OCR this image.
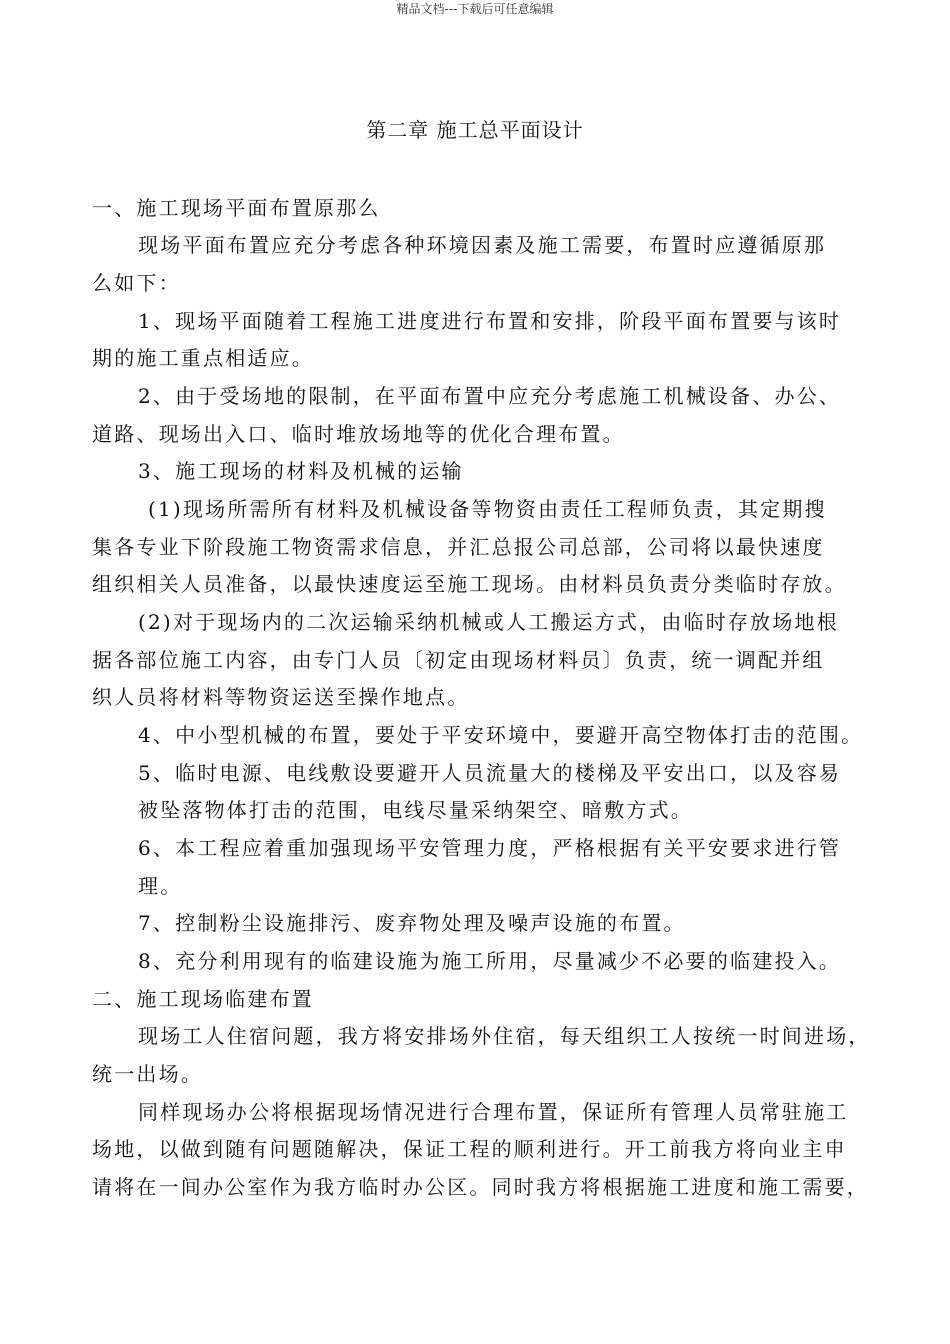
精品文档---下载后可任意编辑
第二章 施工总平面设计
一、施工现场平面布置原那么
现场平面布置应充分考虑各种环境因素及施工需要，布置时应遵循原那
么如下：
1、现场平面随着工程施工进度进行布置和安排，阶段平面布置要与该时
期的施工重点相适应。
2、由于受场地的限制，在平面布置中应充分考虑施工机械设备、办公、
道路、现场出入口、临时堆放场地等的优化合理布置。
3、施工现场的材料及机械的运输
(1)现场所需所有材料及机械设备等物资由责任工程师负责，其定期搜
集各专业下阶段施工物资需求信息，并汇总报公司总部，公司将以最快速度
组织相关人员准备，以最快速度运至施工现场。由材料员负责分类临时存放。
(2)对于现场内的二次运输采纳机械或人工搬运方式，由临时存放场地根
据各部位施工内容，由专门人员〔初定由现场材料员〕负责，统一调配并组
织人员将材料等物资运送至操作地点。
4、中小型机械的布置，要处于平安环境中，要避开高空物体打击的范围。
5、临时电源、电线敷设要避开人员流量大的楼梯及平安出口，以及容易
被坠落物体打击的范围，电线尽量采纳架空、暗敷方式。
6、本工程应着重加强现场平安管理力度，严格根据有关平安要求进行管
理。
7、控制粉尘设施排污、废弃物处理及噪声设施的布置。
8、充分利用现有的临建设施为施工所用，尽量减少不必要的临建投入。
二、施工现场临建布置
现场工人住宿问题，我方将安排场外住宿，每天组织工人按统一时间进场，
统一出场。
同样现场办公将根据现场情况进行合理布置，保证所有管理人员常驻施工
场地，以做到随有问题随解决，保证工程的顺利进行。开工前我方将向业主申
请将在一间办公室作为我方临时办公区。同时我方将根据施工进度和施工需要，
